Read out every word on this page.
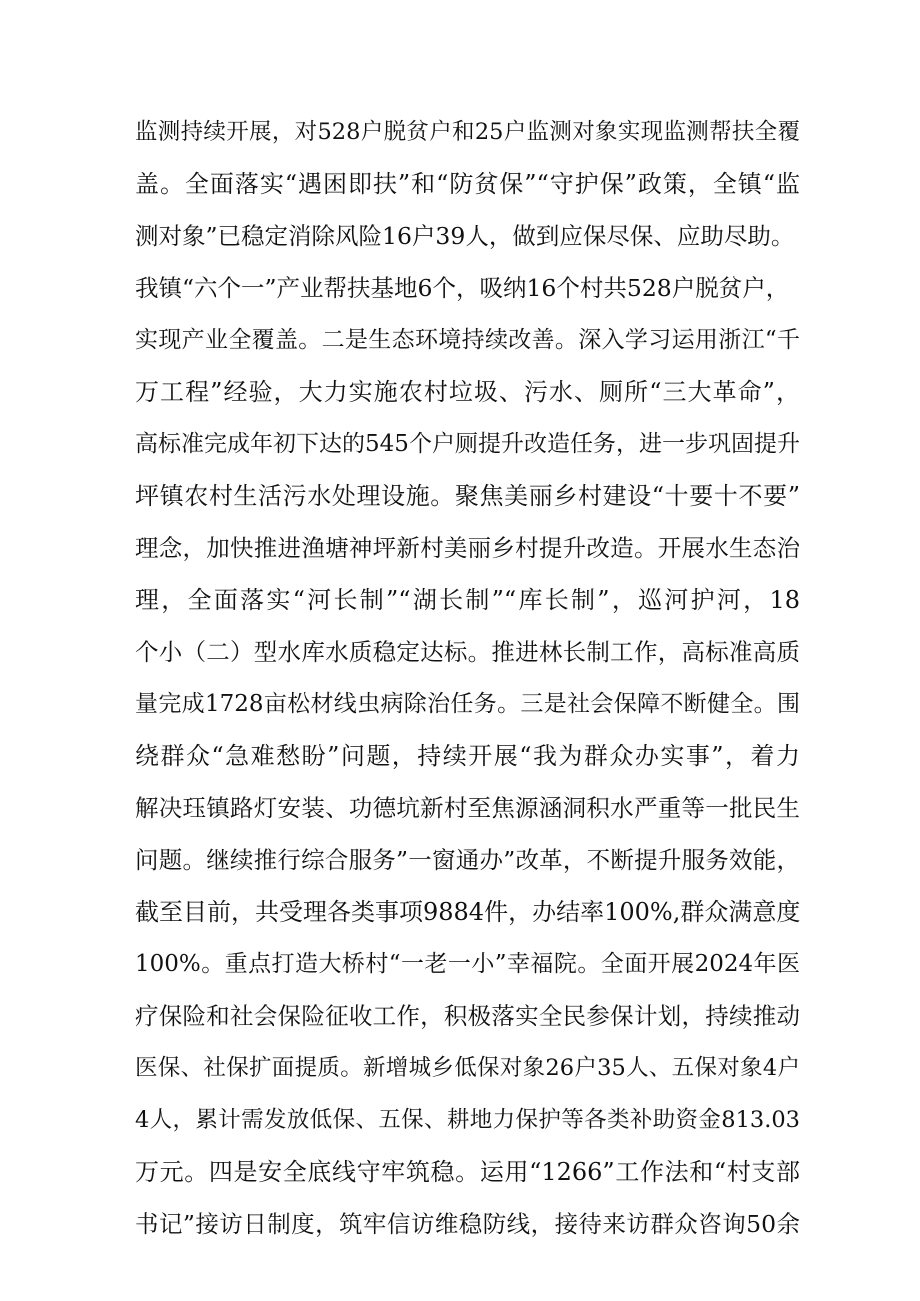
监测持续开展，对528户脱贫户和25户监测对象实现监测帮扶全覆
盖。全面落实“遇困即扶”和“防贫保”“守护保”政策，全镇“监
测对象”已稳定消除风险16户39人，做到应保尽保、应助尽助。
我镇“六个一”产业帮扶基地6个，吸纳16个村共528户脱贫户，
实现产业全覆盖。二是生态环境持续改善。深入学习运用浙江“千
万工程”经验，大力实施农村垃圾、污水、厕所“三大革命”，
高标准完成年初下达的545个户厕提升改造任务，进一步巩固提升
坪镇农村生活污水处理设施。聚焦美丽乡村建设“十要十不要”
理念，加快推进渔塘神坪新村美丽乡村提升改造。开展水生态治
理，全面落实“河长制”“湖长制”“库长制”，巡河护河，18
个小（二）型水库水质稳定达标。推进林长制工作，高标准高质
量完成1728亩松材线虫病除治任务。三是社会保障不断健全。围
绕群众“急难愁盼”问题，持续开展“我为群众办实事”，着力
解决珏镇路灯安装、功德坑新村至焦源涵洞积水严重等一批民生
问题。继续推行综合服务”一窗通办”改革，不断提升服务效能，
截至目前，共受理各类事项9884件，办结率100%,群众满意度
100%。重点打造大桥村“一老一小”幸福院。全面开展2024年医
疗保险和社会保险征收工作，积极落实全民参保计划，持续推动
医保、社保扩面提质。新增城乡低保对象26户35人、五保对象4户
4人，累计需发放低保、五保、耕地力保护等各类补助资金813.03
万元。四是安全底线守牢筑稳。运用“1266”工作法和“村支部
书记”接访日制度，筑牢信访维稳防线，接待来访群众咨询50余
